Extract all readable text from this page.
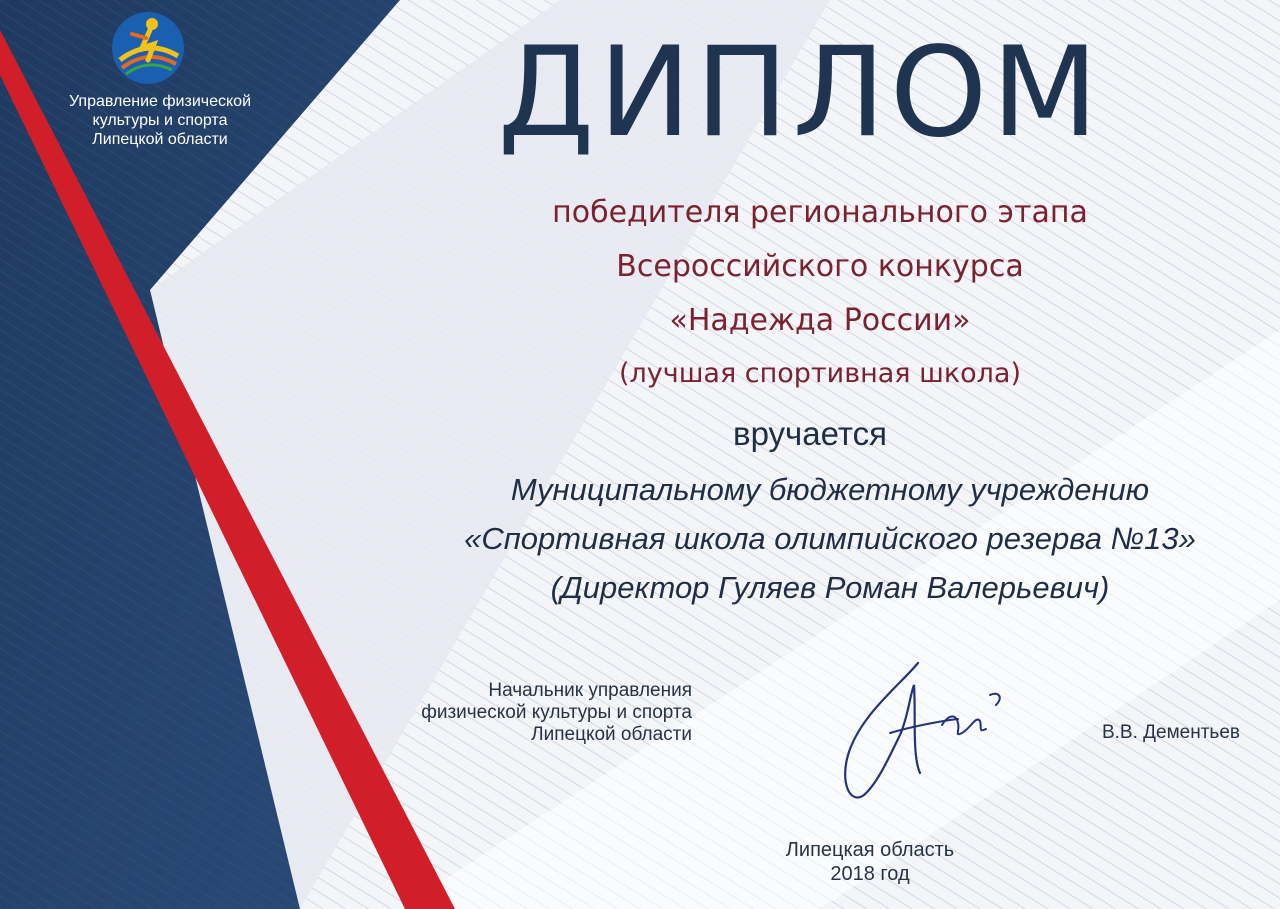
Управление физической
культуры и спорта
Липецкой области	ДИПЛОМ
победителя регионального этапа
Всероссийского конкурса
«Надежда России»
(лучшая спортивная школа)
вручается
Муниципальному бюджетному учреждению
«Спортивная школа олимпийского резерва №13»
(Директор Гуляев Роман Валерьевич)
Начальник управления
физической культуры и спорта
Липецкой области	В.В. Дементьев
Липецкая область
2018 год
